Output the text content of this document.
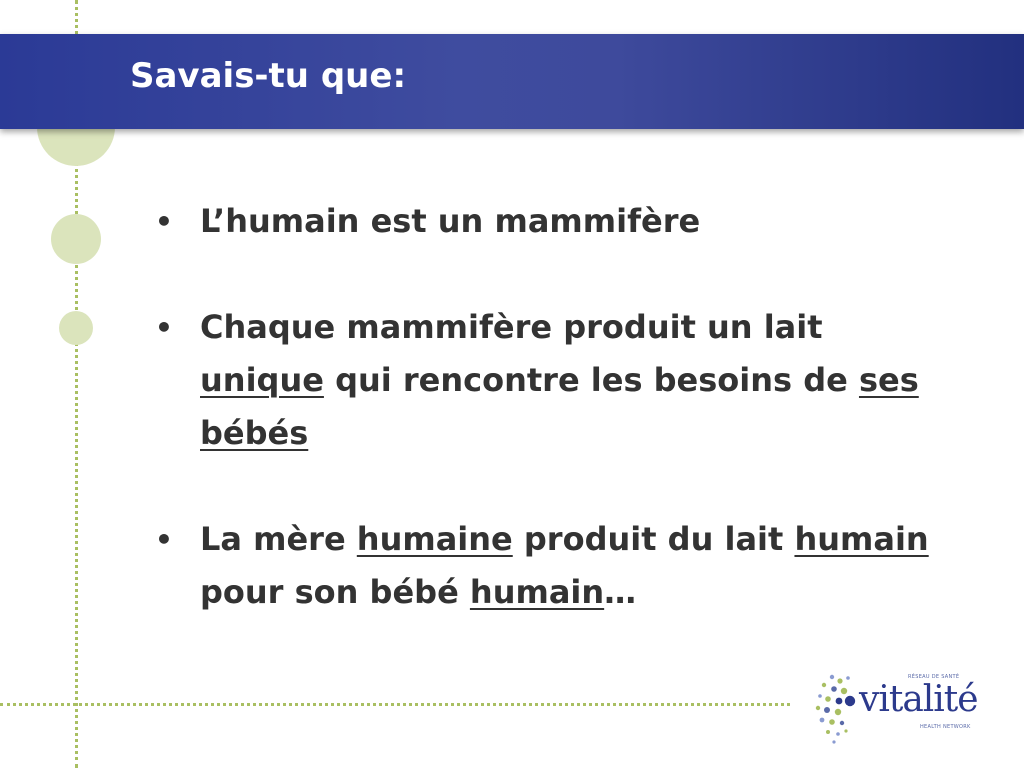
Savais-tu que:
• L’humain est un mammifère
• Chaque mammifère produit un lait unique qui rencontre les besoins de ses bébés
• La mère humaine produit du lait humain pour son bébé humain…
RÉSEAU DE SANTÉ
vitalité
HEALTH NETWORK
